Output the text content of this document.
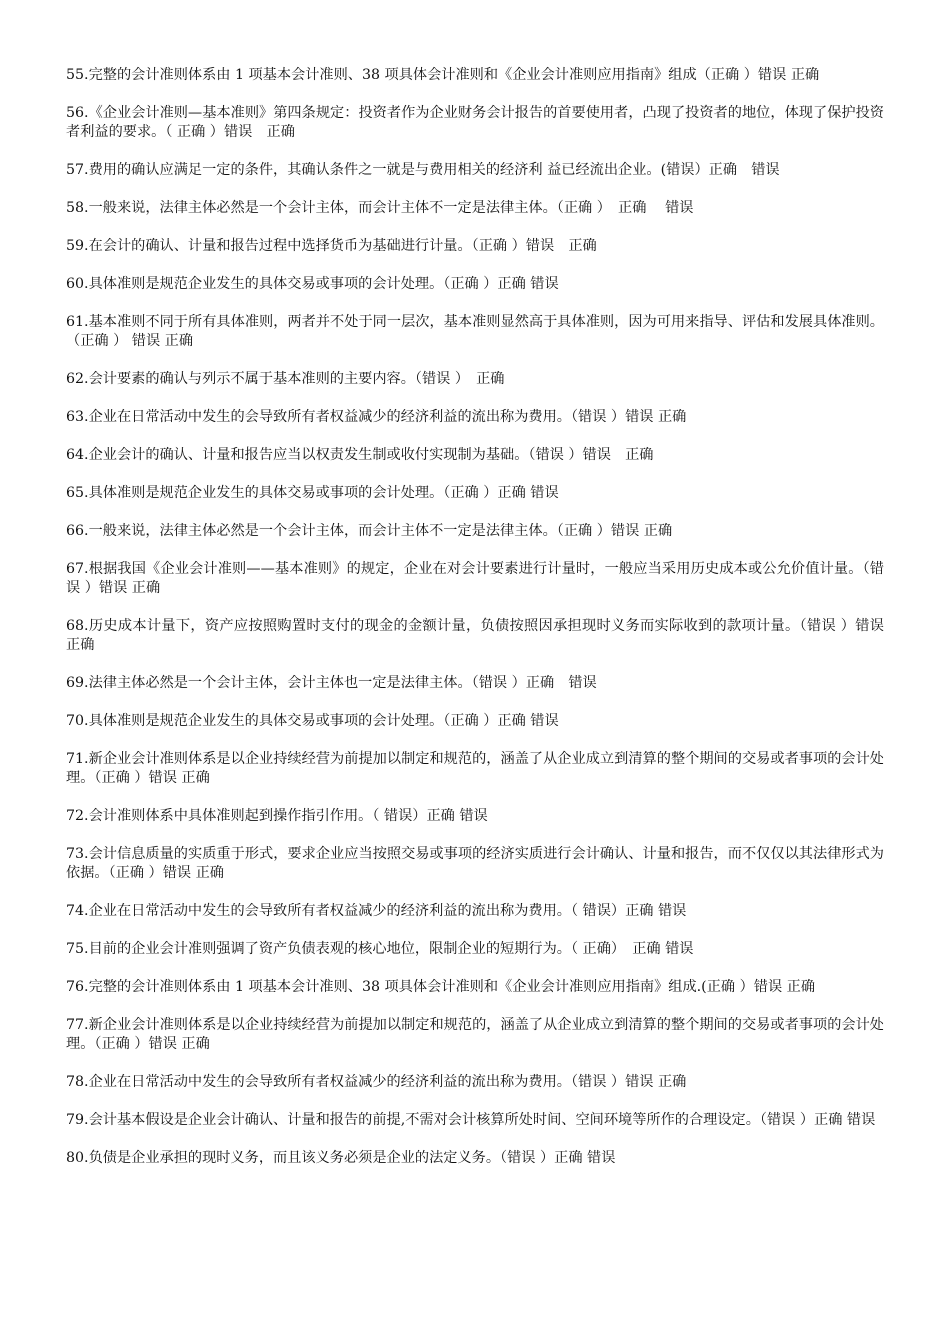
55.完整的会计准则体系由 1 项基本会计准则、38 项具体会计准则和《企业会计准则应用指南》组成（正确 ）错误 正确
56.《企业会计准则—基本准则》第四条规定：投资者作为企业财务会计报告的首要使用者，凸现了投资者的地位，体现了保护投资者利益的要求。（ 正确 ）错误　正确
57.费用的确认应满足一定的条件，其确认条件之一就是与费用相关的经济利 益已经流出企业。(错误）正确　错误
58.一般来说，法律主体必然是一个会计主体，而会计主体不一定是法律主体。（正确 ）　正确　 错误
59.在会计的确认、计量和报告过程中选择货币为基础进行计量。（正确 ）错误　正确
60.具体准则是规范企业发生的具体交易或事项的会计处理。（正确 ）正确 错误
61.基本准则不同于所有具体准则，两者并不处于同一层次，基本准则显然高于具体准则，因为可用来指导、评估和发展具体准则。（正确 ） 错误 正确
62.会计要素的确认与列示不属于基本准则的主要内容。（错误 ）　正确
63.企业在日常活动中发生的会导致所有者权益减少的经济利益的流出称为费用。（错误 ）错误 正确
64.企业会计的确认、计量和报告应当以权责发生制或收付实现制为基础。（错误 ）错误　正确
65.具体准则是规范企业发生的具体交易或事项的会计处理。（正确 ）正确 错误
66.一般来说，法律主体必然是一个会计主体，而会计主体不一定是法律主体。（正确 ）错误 正确
67.根据我国《企业会计准则——基本准则》的规定，企业在对会计要素进行计量时，一般应当采用历史成本或公允价值计量。（错误 ）错误 正确
68.历史成本计量下，资产应按照购置时支付的现金的金额计量，负债按照因承担现时义务而实际收到的款项计量。（错误 ）错误 正确
69.法律主体必然是一个会计主体，会计主体也一定是法律主体。（错误 ）正确　错误
70.具体准则是规范企业发生的具体交易或事项的会计处理。（正确 ）正确 错误
71.新企业会计准则体系是以企业持续经营为前提加以制定和规范的，涵盖了从企业成立到清算的整个期间的交易或者事项的会计处理。（正确 ）错误 正确
72.会计准则体系中具体准则起到操作指引作用。（ 错误）正确 错误
73.会计信息质量的实质重于形式，要求企业应当按照交易或事项的经济实质进行会计确认、计量和报告，而不仅仅以其法律形式为依据。（正确 ）错误 正确
74.企业在日常活动中发生的会导致所有者权益减少的经济利益的流出称为费用。（ 错误）正确 错误
75.目前的企业会计准则强调了资产负债表观的核心地位，限制企业的短期行为。（ 正确）　正确 错误
76.完整的会计准则体系由 1 项基本会计准则、38 项具体会计准则和《企业会计准则应用指南》组成.(正确 ）错误 正确
77.新企业会计准则体系是以企业持续经营为前提加以制定和规范的，涵盖了从企业成立到清算的整个期间的交易或者事项的会计处理。（正确 ）错误 正确
78.企业在日常活动中发生的会导致所有者权益减少的经济利益的流出称为费用。（错误 ）错误 正确
79.会计基本假设是企业会计确认、计量和报告的前提,不需对会计核算所处时间、空间环境等所作的合理设定。（错误 ）正确 错误
80.负债是企业承担的现时义务，而且该义务必须是企业的法定义务。（错误 ）正确 错误
